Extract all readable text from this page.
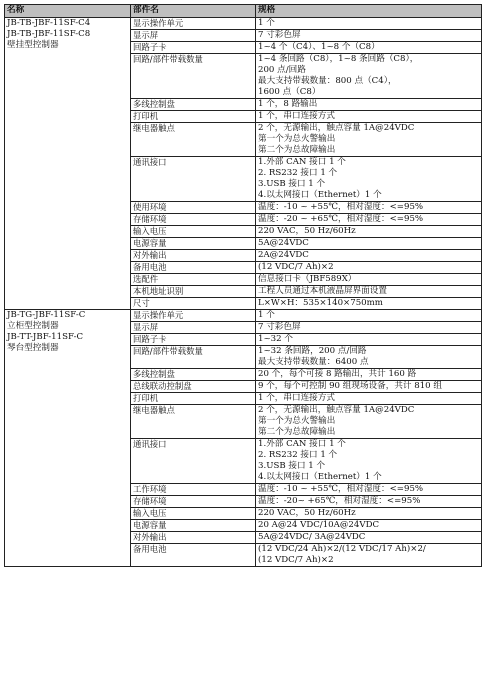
名称	部件名	规格

JB-TB-JBF-11SF-C4
JB-TB-JBF-11SF-C8
壁挂型控制器	显示操作单元	1 个

	显示屏	7 寸彩色屏

	回路子卡	1~4 个（C4）、1~8 个（C8）

	回路/部件带载数量	1~4 条回路（C8），1~8 条回路（C8），
200 点/回路
最大支持带载数量：800 点（C4），
1600 点（C8）

	多线控制盘	1 个，8 路输出

	打印机	1 个，串口连接方式

	继电器触点	2 个，无源输出，触点容量 1A@24VDC
第一个为总火警输出
第二个为总故障输出

	通讯接口	1.外部 CAN 接口 1 个
2. RS232 接口 1 个
3.USB 接口 1 个
4.以太网接口（Ethernet）1 个

	使用环境	温度：-10 ~ +55℃，相对湿度：<=95%

	存储环境	温度：-20 ~ +65℃，相对湿度：<=95%

	输入电压	220 VAC，50 Hz/60Hz

	电源容量	5A@24VDC

	对外输出	2A@24VDC

	备用电池	(12 VDC/7 Ah)×2

	选配件	信息接口卡（JBF589X）

	本机地址识别	工程人员通过本机液晶屏界面设置

	尺寸	L×W×H：535×140×750mm

JB-TG-JBF-11SF-C
立柜型控制器
JB-TT-JBF-11SF-C
琴台型控制器	显示操作单元	1 个

	显示屏	7 寸彩色屏

	回路子卡	1~32 个

	回路/部件带载数量	1~32 条回路，200 点/回路
最大支持带载数量：6400 点

	多线控制盘	20 个，每个可接 8 路输出，共计 160 路

	总线联动控制盘	9 个，每个可控制 90 组现场设备，共计 810 组

	打印机	1 个，串口连接方式

	继电器触点	2 个，无源输出，触点容量 1A@24VDC
第一个为总火警输出
第二个为总故障输出

	通讯接口	1.外部 CAN 接口 1 个
2. RS232 接口 1 个
3.USB 接口 1 个
4.以太网接口（Ethernet）1 个

	工作环境	温度：-10 ~ +55℃，相对湿度：<=95%

	存储环境	温度：-20~ +65℃，相对湿度：<=95%

	输入电压	220 VAC，50 Hz/60Hz

	电源容量	20 A@24 VDC/10A@24VDC

	对外输出	5A@24VDC/ 3A@24VDC

	备用电池	(12 VDC/24 Ah)×2/(12 VDC/17 Ah)×2/
(12 VDC/7 Ah)×2
